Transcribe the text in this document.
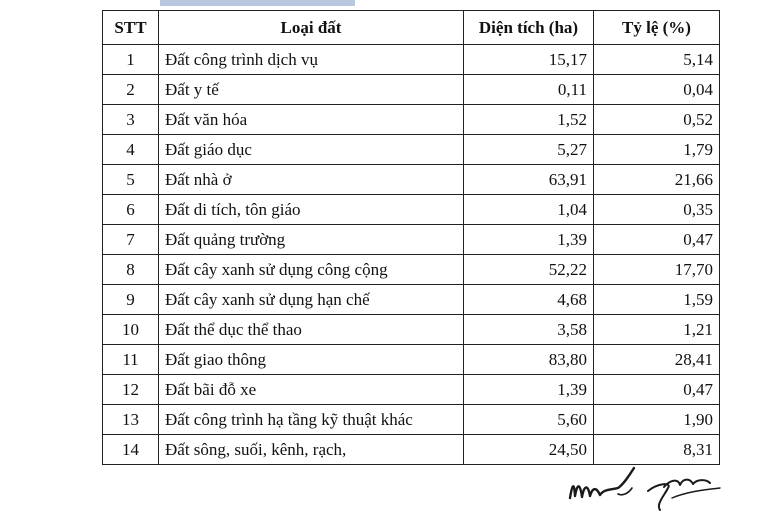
STT	Loại đất	Diện tích (ha)	Tỷ lệ (%)
1	Đất công trình dịch vụ	15,17	5,14
2	Đất y tế	0,11	0,04
3	Đất văn hóa	1,52	0,52
4	Đất giáo dục	5,27	1,79
5	Đất nhà ở	63,91	21,66
6	Đất di tích, tôn giáo	1,04	0,35
7	Đất quảng trường	1,39	0,47
8	Đất cây xanh sử dụng công cộng	52,22	17,70
9	Đất cây xanh sử dụng hạn chế	4,68	1,59
10	Đất thể dục thể thao	3,58	1,21
11	Đất giao thông	83,80	28,41
12	Đất bãi đỗ xe	1,39	0,47
13	Đất công trình hạ tầng kỹ thuật khác	5,60	1,90
14	Đất sông, suối, kênh, rạch,	24,50	8,31
